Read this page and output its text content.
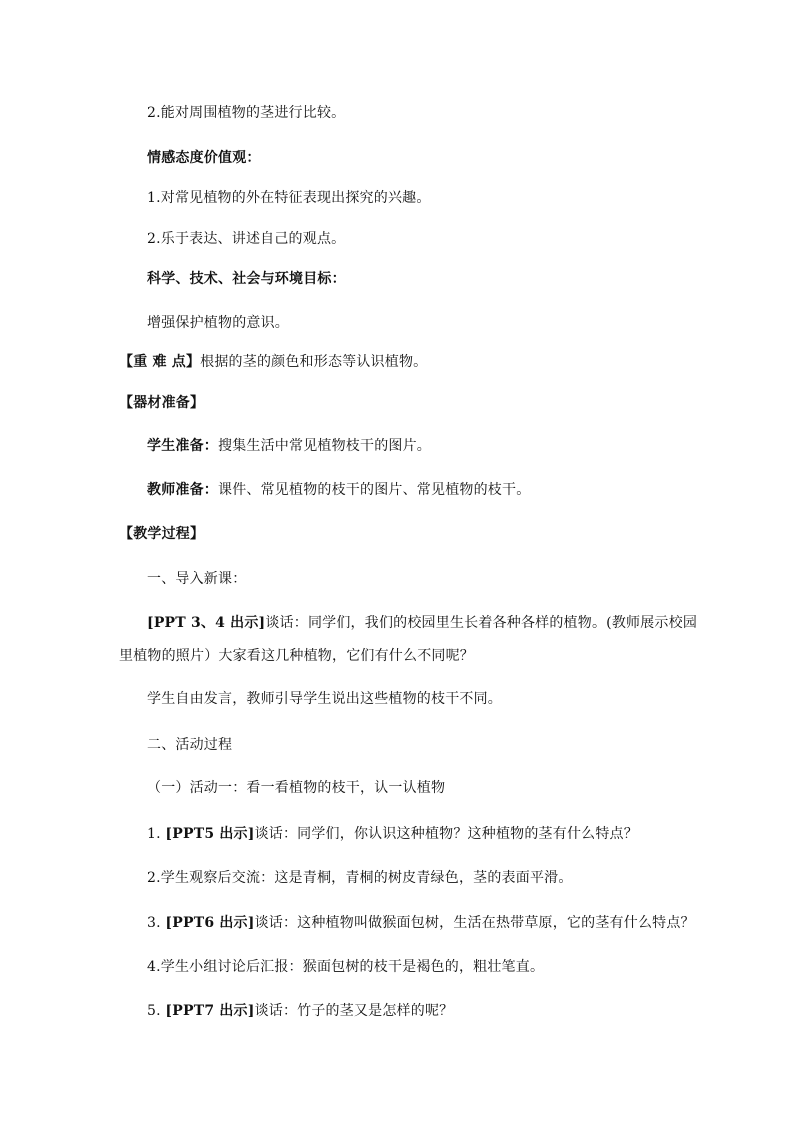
2.能对周围植物的茎进行比较。
情感态度价值观：
1.对常见植物的外在特征表现出探究的兴趣。
2.乐于表达、讲述自己的观点。
科学、技术、社会与环境目标：
增强保护植物的意识。
【重 难 点】根据的茎的颜色和形态等认识植物。
【器材准备】
学生准备：搜集生活中常见植物枝干的图片。
教师准备：课件、常见植物的枝干的图片、常见植物的枝干。
【教学过程】
一、导入新课：
[PPT 3、4 出示]谈话：同学们，我们的校园里生长着各种各样的植物。(教师展示校园
里植物的照片）大家看这几种植物，它们有什么不同呢？
学生自由发言，教师引导学生说出这些植物的枝干不同。
二、活动过程
（一）活动一：看一看植物的枝干，认一认植物
1. [PPT5 出示]谈话：同学们，你认识这种植物？这种植物的茎有什么特点？
2.学生观察后交流：这是青桐，青桐的树皮青绿色，茎的表面平滑。
3. [PPT6 出示]谈话：这种植物叫做猴面包树，生活在热带草原，它的茎有什么特点？
4.学生小组讨论后汇报：猴面包树的枝干是褐色的，粗壮笔直。
5. [PPT7 出示]谈话：竹子的茎又是怎样的呢？
